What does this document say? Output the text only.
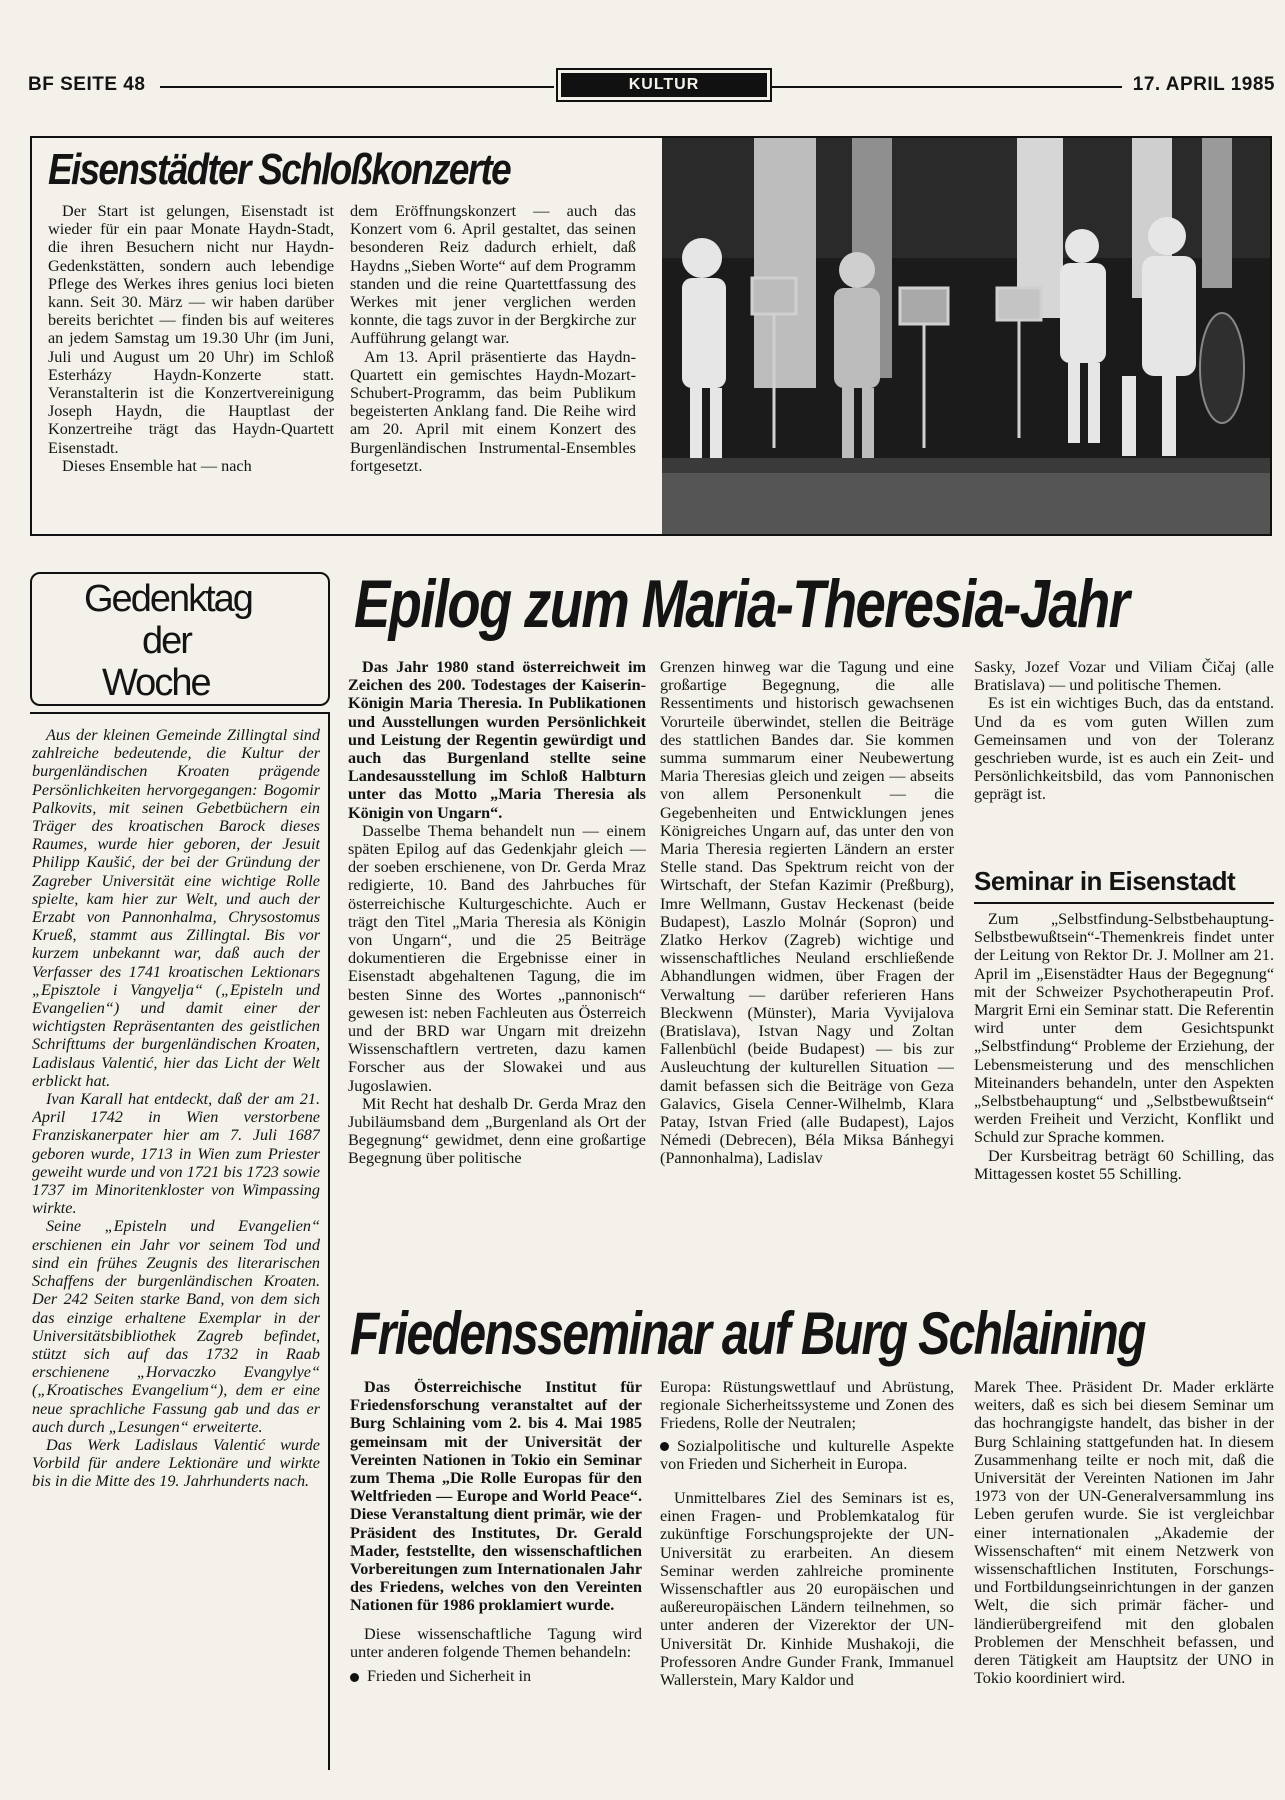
BF SEITE 48	KULTUR	17. APRIL 1985
Eisenstädter Schloßkonzerte

Der Start ist gelungen, Eisenstadt ist wieder für ein paar Monate Haydn-Stadt, die ihren Besuchern nicht nur Haydn-Gedenkstätten, sondern auch lebendige Pflege des Werkes ihres genius loci bieten kann. Seit 30. März — wir haben darüber bereits berichtet — finden bis auf weiteres an jedem Samstag um 19.30 Uhr (im Juni, Juli und August um 20 Uhr) im Schloß Esterházy Haydn-Konzerte statt. Veranstalterin ist die Konzertvereinigung Joseph Haydn, die Hauptlast der Konzertreihe trägt das Haydn-Quartett Eisenstadt.

Dieses Ensemble hat — nach

dem Eröffnungskonzert — auch das Konzert vom 6. April gestaltet, das seinen besonderen Reiz dadurch erhielt, daß Haydns „Sieben Worte“ auf dem Programm standen und die reine Quartettfassung des Werkes mit jener verglichen werden konnte, die tags zuvor in der Bergkirche zur Aufführung gelangt war.

Am 13. April präsentierte das Haydn-Quartett ein gemischtes Haydn-Mozart-Schubert-Programm, das beim Publikum begeisterten Anklang fand. Die Reihe wird am 20. April mit einem Konzert des Burgenländischen Instrumental-Ensembles fortgesetzt.

Gedenktag
der
Woche

Aus der kleinen Gemeinde Zillingtal sind zahlreiche bedeutende, die Kultur der burgenländischen Kroaten prägende Persönlichkeiten hervorgegangen: Bogomir Palkovits, mit seinen Gebetbüchern ein Träger des kroatischen Barock dieses Raumes, wurde hier geboren, der Jesuit Philipp Kaušić, der bei der Gründung der Zagreber Universität eine wichtige Rolle spielte, kam hier zur Welt, und auch der Erzabt von Pannonhalma, Chrysostomus Krueß, stammt aus Zillingtal. Bis vor kurzem unbekannt war, daß auch der Verfasser des 1741 kroatischen Lektionars „Episztole i Vangyelja“ („Episteln und Evangelien“) und damit einer der wichtigsten Repräsentanten des geistlichen Schrifttums der burgenländischen Kroaten, Ladislaus Valentić, hier das Licht der Welt erblickt hat.

Ivan Karall hat entdeckt, daß der am 21. April 1742 in Wien verstorbene Franziskanerpater hier am 7. Juli 1687 geboren wurde, 1713 in Wien zum Priester geweiht wurde und von 1721 bis 1723 sowie 1737 im Minoritenkloster von Wimpassing wirkte.

Seine „Episteln und Evangelien“ erschienen ein Jahr vor seinem Tod und sind ein frühes Zeugnis des literarischen Schaffens der burgenländischen Kroaten. Der 242 Seiten starke Band, von dem sich das einzige erhaltene Exemplar in der Universitätsbibliothek Zagreb befindet, stützt sich auf das 1732 in Raab erschienene „Horvaczko Evangylye“ („Kroatisches Evangelium“), dem er eine neue sprachliche Fassung gab und das er auch durch „Lesungen“ erweiterte.

Das Werk Ladislaus Valentić wurde Vorbild für andere Lektionäre und wirkte bis in die Mitte des 19. Jahrhunderts nach.

Epilog zum Maria-Theresia-Jahr

Das Jahr 1980 stand österreichweit im Zeichen des 200. Todestages der Kaiserin-Königin Maria Theresia. In Publikationen und Ausstellungen wurden Persönlichkeit und Leistung der Regentin gewürdigt und auch das Burgenland stellte seine Landesausstellung im Schloß Halbturn unter das Motto „Maria Theresia als Königin von Ungarn“.

Dasselbe Thema behandelt nun — einem späten Epilog auf das Gedenkjahr gleich — der soeben erschienene, von Dr. Gerda Mraz redigierte, 10. Band des Jahrbuches für österreichische Kulturgeschichte. Auch er trägt den Titel „Maria Theresia als Königin von Ungarn“, und die 25 Beiträge dokumentieren die Ergebnisse einer in Eisenstadt abgehaltenen Tagung, die im besten Sinne des Wortes „pannonisch“ gewesen ist: neben Fachleuten aus Österreich und der BRD war Ungarn mit dreizehn Wissenschaftlern vertreten, dazu kamen Forscher aus der Slowakei und aus Jugoslawien.

Mit Recht hat deshalb Dr. Gerda Mraz den Jubiläumsband dem „Burgenland als Ort der Begegnung“ gewidmet, denn eine großartige Begegnung über politische

Grenzen hinweg war die Tagung und eine großartige Begegnung, die alle Ressentiments und historisch gewachsenen Vorurteile überwindet, stellen die Beiträge des stattlichen Bandes dar. Sie kommen summa summarum einer Neubewertung Maria Theresias gleich und zeigen — abseits von allem Personenkult — die Gegebenheiten und Entwicklungen jenes Königreiches Ungarn auf, das unter den von Maria Theresia regierten Ländern an erster Stelle stand. Das Spektrum reicht von der Wirtschaft, der Stefan Kazimir (Preßburg), Imre Wellmann, Gustav Heckenast (beide Budapest), Laszlo Molnár (Sopron) und Zlatko Herkov (Zagreb) wichtige und wissenschaftliches Neuland erschließende Abhandlungen widmen, über Fragen der Verwaltung — darüber referieren Hans Bleckwenn (Münster), Maria Vyvijalova (Bratislava), Istvan Nagy und Zoltan Fallenbüchl (beide Budapest) — bis zur Ausleuchtung der kulturellen Situation — damit befassen sich die Beiträge von Geza Galavics, Gisela Cenner-Wilhelmb, Klara Patay, Istvan Fried (alle Budapest), Lajos Némedi (Debrecen), Béla Miksa Bánhegyi (Pannonhalma), Ladislav

Sasky, Jozef Vozar und Viliam Čičaj (alle Bratislava) — und politische Themen.

Es ist ein wichtiges Buch, das da entstand. Und da es vom guten Willen zum Gemeinsamen und von der Toleranz geschrieben wurde, ist es auch ein Zeit- und Persönlichkeitsbild, das vom Pannonischen geprägt ist.

Seminar in Eisenstadt

Zum „Selbstfindung-Selbstbehauptung-Selbstbewußtsein“-Themenkreis findet unter der Leitung von Rektor Dr. J. Mollner am 21. April im „Eisenstädter Haus der Begegnung“ mit der Schweizer Psychotherapeutin Prof. Margrit Erni ein Seminar statt. Die Referentin wird unter dem Gesichtspunkt „Selbstfindung“ Probleme der Erziehung, der Lebensmeisterung und des menschlichen Miteinanders behandeln, unter den Aspekten „Selbstbehauptung“ und „Selbstbewußtsein“ werden Freiheit und Verzicht, Konflikt und Schuld zur Sprache kommen.

Der Kursbeitrag beträgt 60 Schilling, das Mittagessen kostet 55 Schilling.

Friedensseminar auf Burg Schlaining

Das Österreichische Institut für Friedensforschung veranstaltet auf der Burg Schlaining vom 2. bis 4. Mai 1985 gemeinsam mit der Universität der Vereinten Nationen in Tokio ein Seminar zum Thema „Die Rolle Europas für den Weltfrieden — Europe and World Peace“. Diese Veranstaltung dient primär, wie der Präsident des Institutes, Dr. Gerald Mader, feststellte, den wissenschaftlichen Vorbereitungen zum Internationalen Jahr des Friedens, welches von den Vereinten Nationen für 1986 proklamiert wurde.

Diese wissenschaftliche Tagung wird unter anderen folgende Themen behandeln:

Frieden und Sicherheit in

Europa: Rüstungswettlauf und Abrüstung, regionale Sicherheitssysteme und Zonen des Friedens, Rolle der Neutralen;

Sozialpolitische und kulturelle Aspekte von Frieden und Sicherheit in Europa.

Unmittelbares Ziel des Seminars ist es, einen Fragen- und Problemkatalog für zukünftige Forschungsprojekte der UN-Universität zu erarbeiten. An diesem Seminar werden zahlreiche prominente Wissenschaftler aus 20 europäischen und außereuropäischen Ländern teilnehmen, so unter anderen der Vizerektor der UN-Universität Dr. Kinhide Mushakoji, die Professoren Andre Gunder Frank, Immanuel Wallerstein, Mary Kaldor und

Marek Thee. Präsident Dr. Mader erklärte weiters, daß es sich bei diesem Seminar um das hochrangigste handelt, das bisher in der Burg Schlaining stattgefunden hat. In diesem Zusammenhang teilte er noch mit, daß die Universität der Vereinten Nationen im Jahr 1973 von der UN-Generalversammlung ins Leben gerufen wurde. Sie ist vergleichbar einer internationalen „Akademie der Wissenschaften“ mit einem Netzwerk von wissenschaftlichen Instituten, Forschungs- und Fortbildungseinrichtungen in der ganzen Welt, die sich primär fächer- und ländierübergreifend mit den globalen Problemen der Menschheit befassen, und deren Tätigkeit am Hauptsitz der UNO in Tokio koordiniert wird.
